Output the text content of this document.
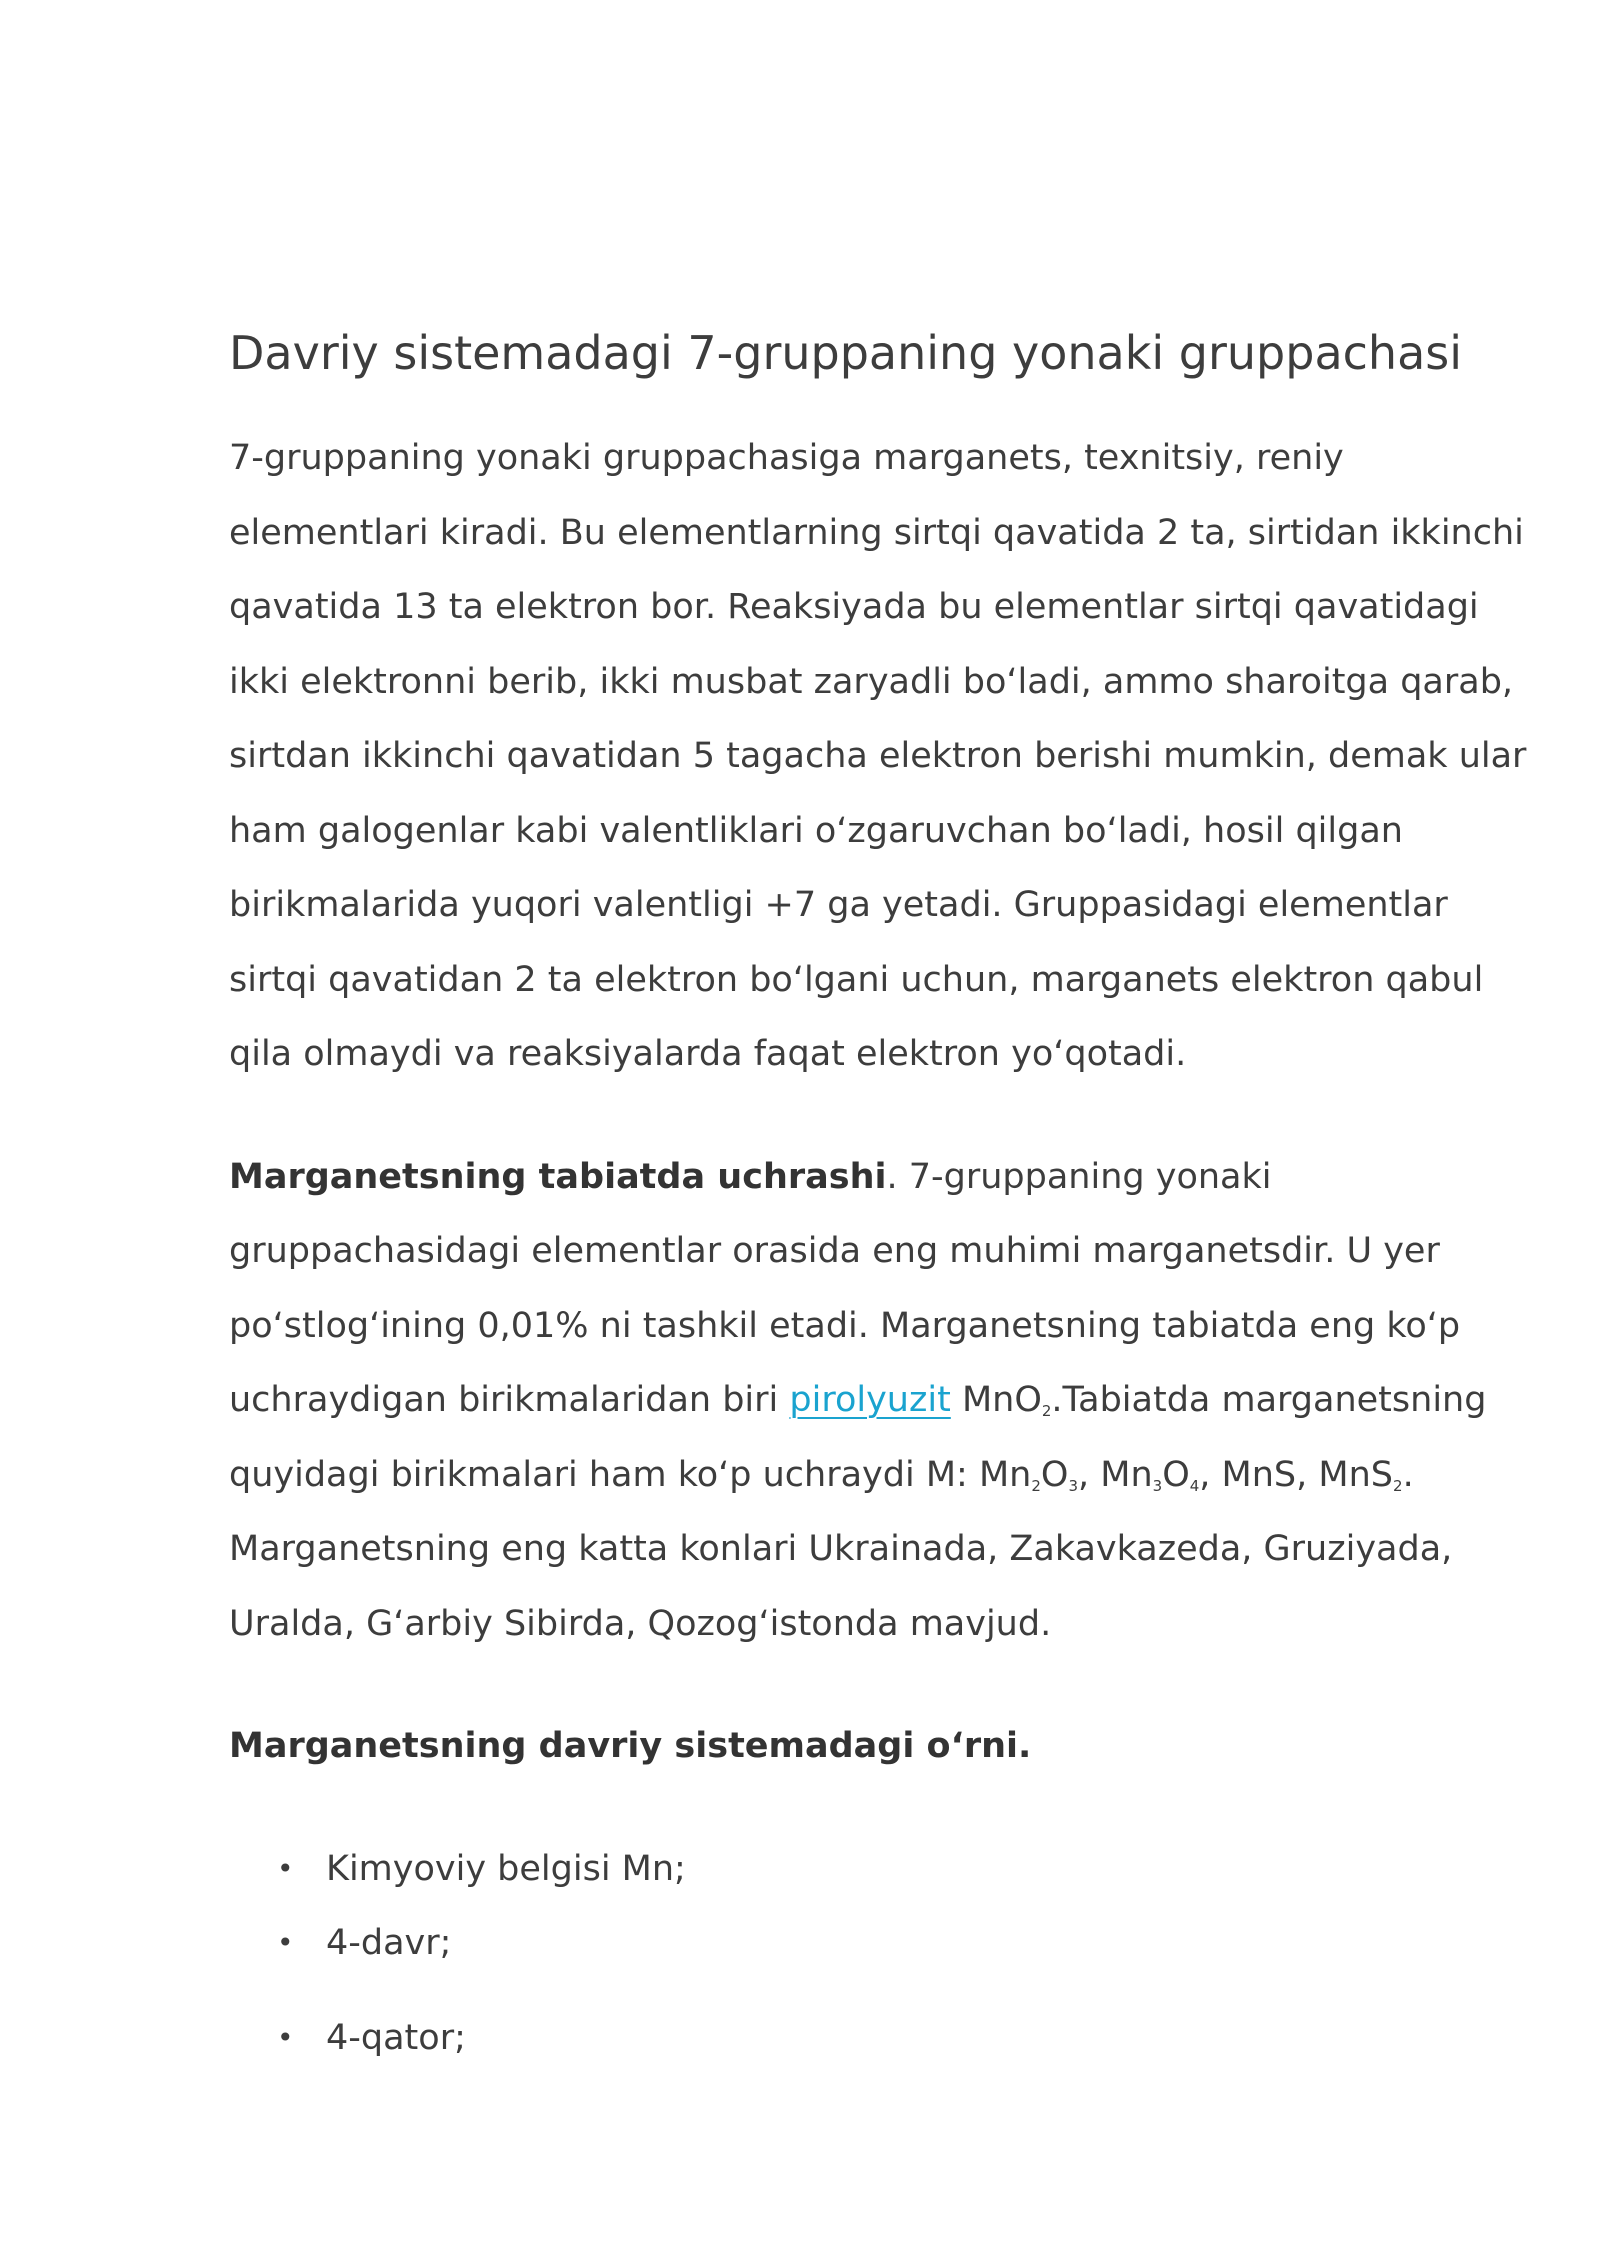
Davriy sistemadagi 7-gruppaning yonaki gruppachasi

7-gruppaning yonaki gruppachasiga marganets, texnitsiy, reniy elementlari kiradi. Bu elementlarning sirtqi qavatida 2 ta, sirtidan ikkinchi qavatida 13 ta elektron bor. Reaksiyada bu elementlar sirtqi qavatidagi ikki elektronni berib, ikki musbat zaryadli bo‘ladi, ammo sharoitga qarab, sirtdan ikkinchi qavatidan 5 tagacha elektron berishi mumkin, demak ular ham galogenlar kabi valentliklari o‘zgaruvchan bo‘ladi, hosil qilgan birikmalarida yuqori valentligi +7 ga yetadi. Gruppasidagi elementlar sirtqi qavatidan 2 ta elektron bo‘lgani uchun, marganets elektron qabul qila olmaydi va reaksiyalarda faqat elektron yo‘qotadi.

Marganetsning tabiatda uchrashi. 7-gruppaning yonaki gruppachasidagi elementlar orasida eng muhimi marganetsdir. U yer po‘stlog‘ining 0,01% ni tashkil etadi. Marganetsning tabiatda eng ko‘p uchraydigan birikmalaridan biri pirolyuzit MnO$_2$.Tabiatda marganetsning quyidagi birikmalari ham ko‘p uchraydi M: $Mn_2O_3$, $Mn_3O_4$, MnS, MnS$_2$. Marganetsning eng katta konlari Ukrainada, Zakavkazeda, Gruziyada, Uralda, G‘arbiy Sibirda, Qozog‘istonda mavjud.

Marganetsning davriy sistemadagi o‘rni.
• Kimyoviy belgisi Mn;
• 4-davr;
• 4-qator;
